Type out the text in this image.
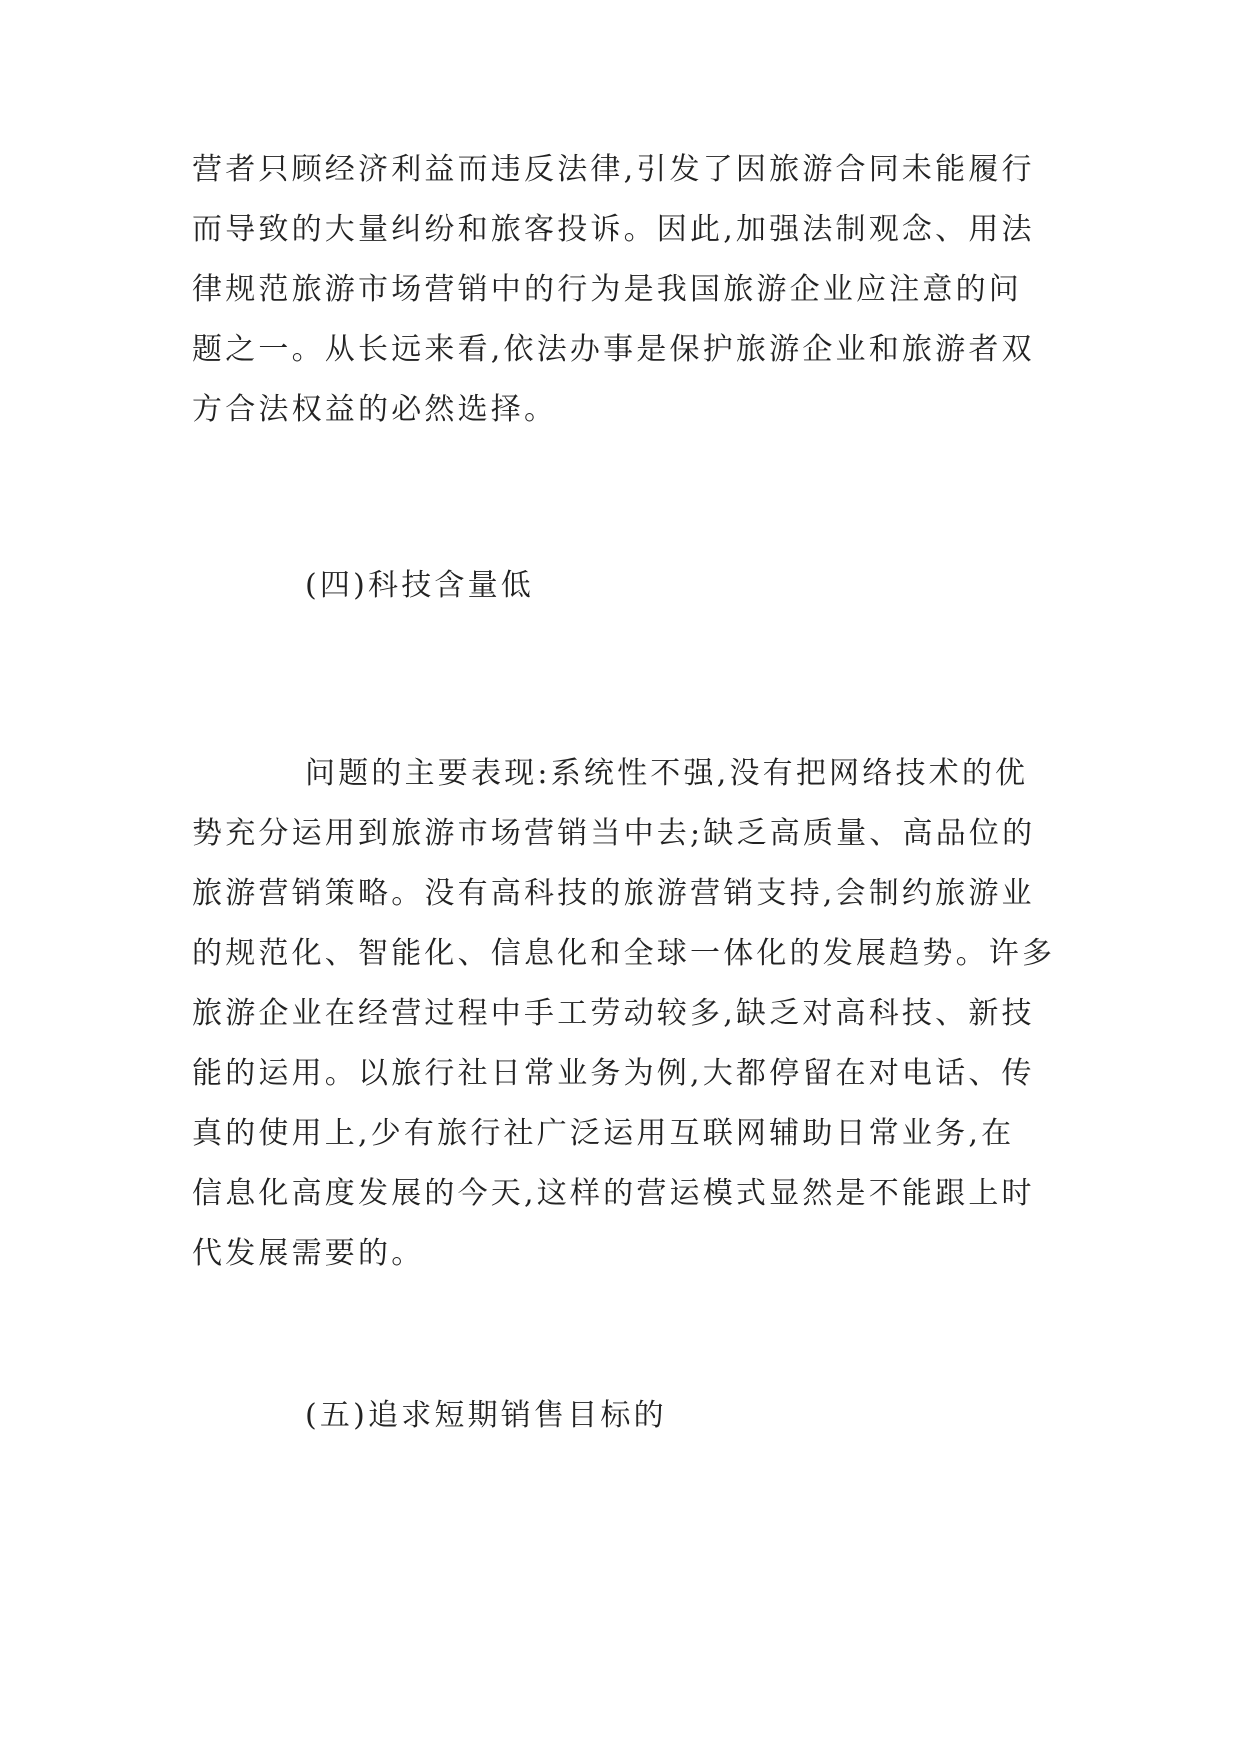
营者只顾经济利益而违反法律,引发了因旅游合同未能履行
而导致的大量纠纷和旅客投诉。因此,加强法制观念、用法
律规范旅游市场营销中的行为是我国旅游企业应注意的问
题之一。从长远来看,依法办事是保护旅游企业和旅游者双
方合法权益的必然选择。
(四)科技含量低
问题的主要表现:系统性不强,没有把网络技术的优
势充分运用到旅游市场营销当中去;缺乏高质量、高品位的
旅游营销策略。没有高科技的旅游营销支持,会制约旅游业
的规范化、智能化、信息化和全球一体化的发展趋势。许多
旅游企业在经营过程中手工劳动较多,缺乏对高科技、新技
能的运用。以旅行社日常业务为例,大都停留在对电话、传
真的使用上,少有旅行社广泛运用互联网辅助日常业务,在
信息化高度发展的今天,这样的营运模式显然是不能跟上时
代发展需要的。
(五)追求短期销售目标的
